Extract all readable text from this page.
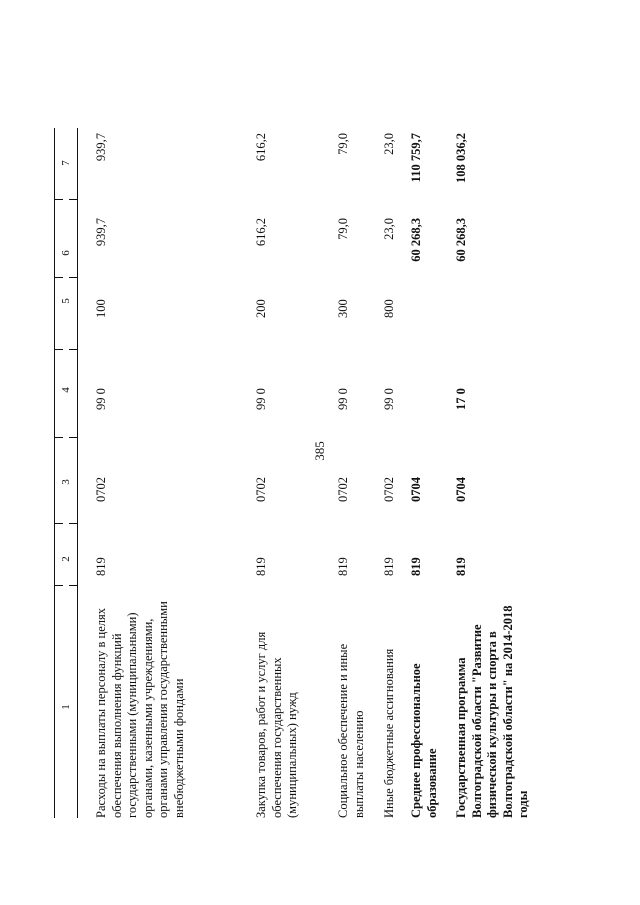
385
1
2
3
4
5
6
7
Расходы на выплаты персоналу в целях обеспечения выполнения функций государственными (муниципальными) органами, казенными учреждениями, органами управления государственными внебюджетными фондами
819
0702
99 0
100
939,7
939,7
Закупка товаров, работ и услуг для обеспечения государственных (муниципальных) нужд
819
0702
99 0
200
616,2
616,2
Социальное обеспечение и иные выплаты населению
819
0702
99 0
300
79,0
79,0
Иные бюджетные ассигнования
819
0702
99 0
800
23,0
23,0
Среднее профессиональное образование
819
0704
60 268,3
110 759,7
Государственная программа Волгоградской области "Развитие физической культуры и спорта в Волгоградской области" на 2014-2018 годы
819
0704
17 0
60 268,3
108 036,2
